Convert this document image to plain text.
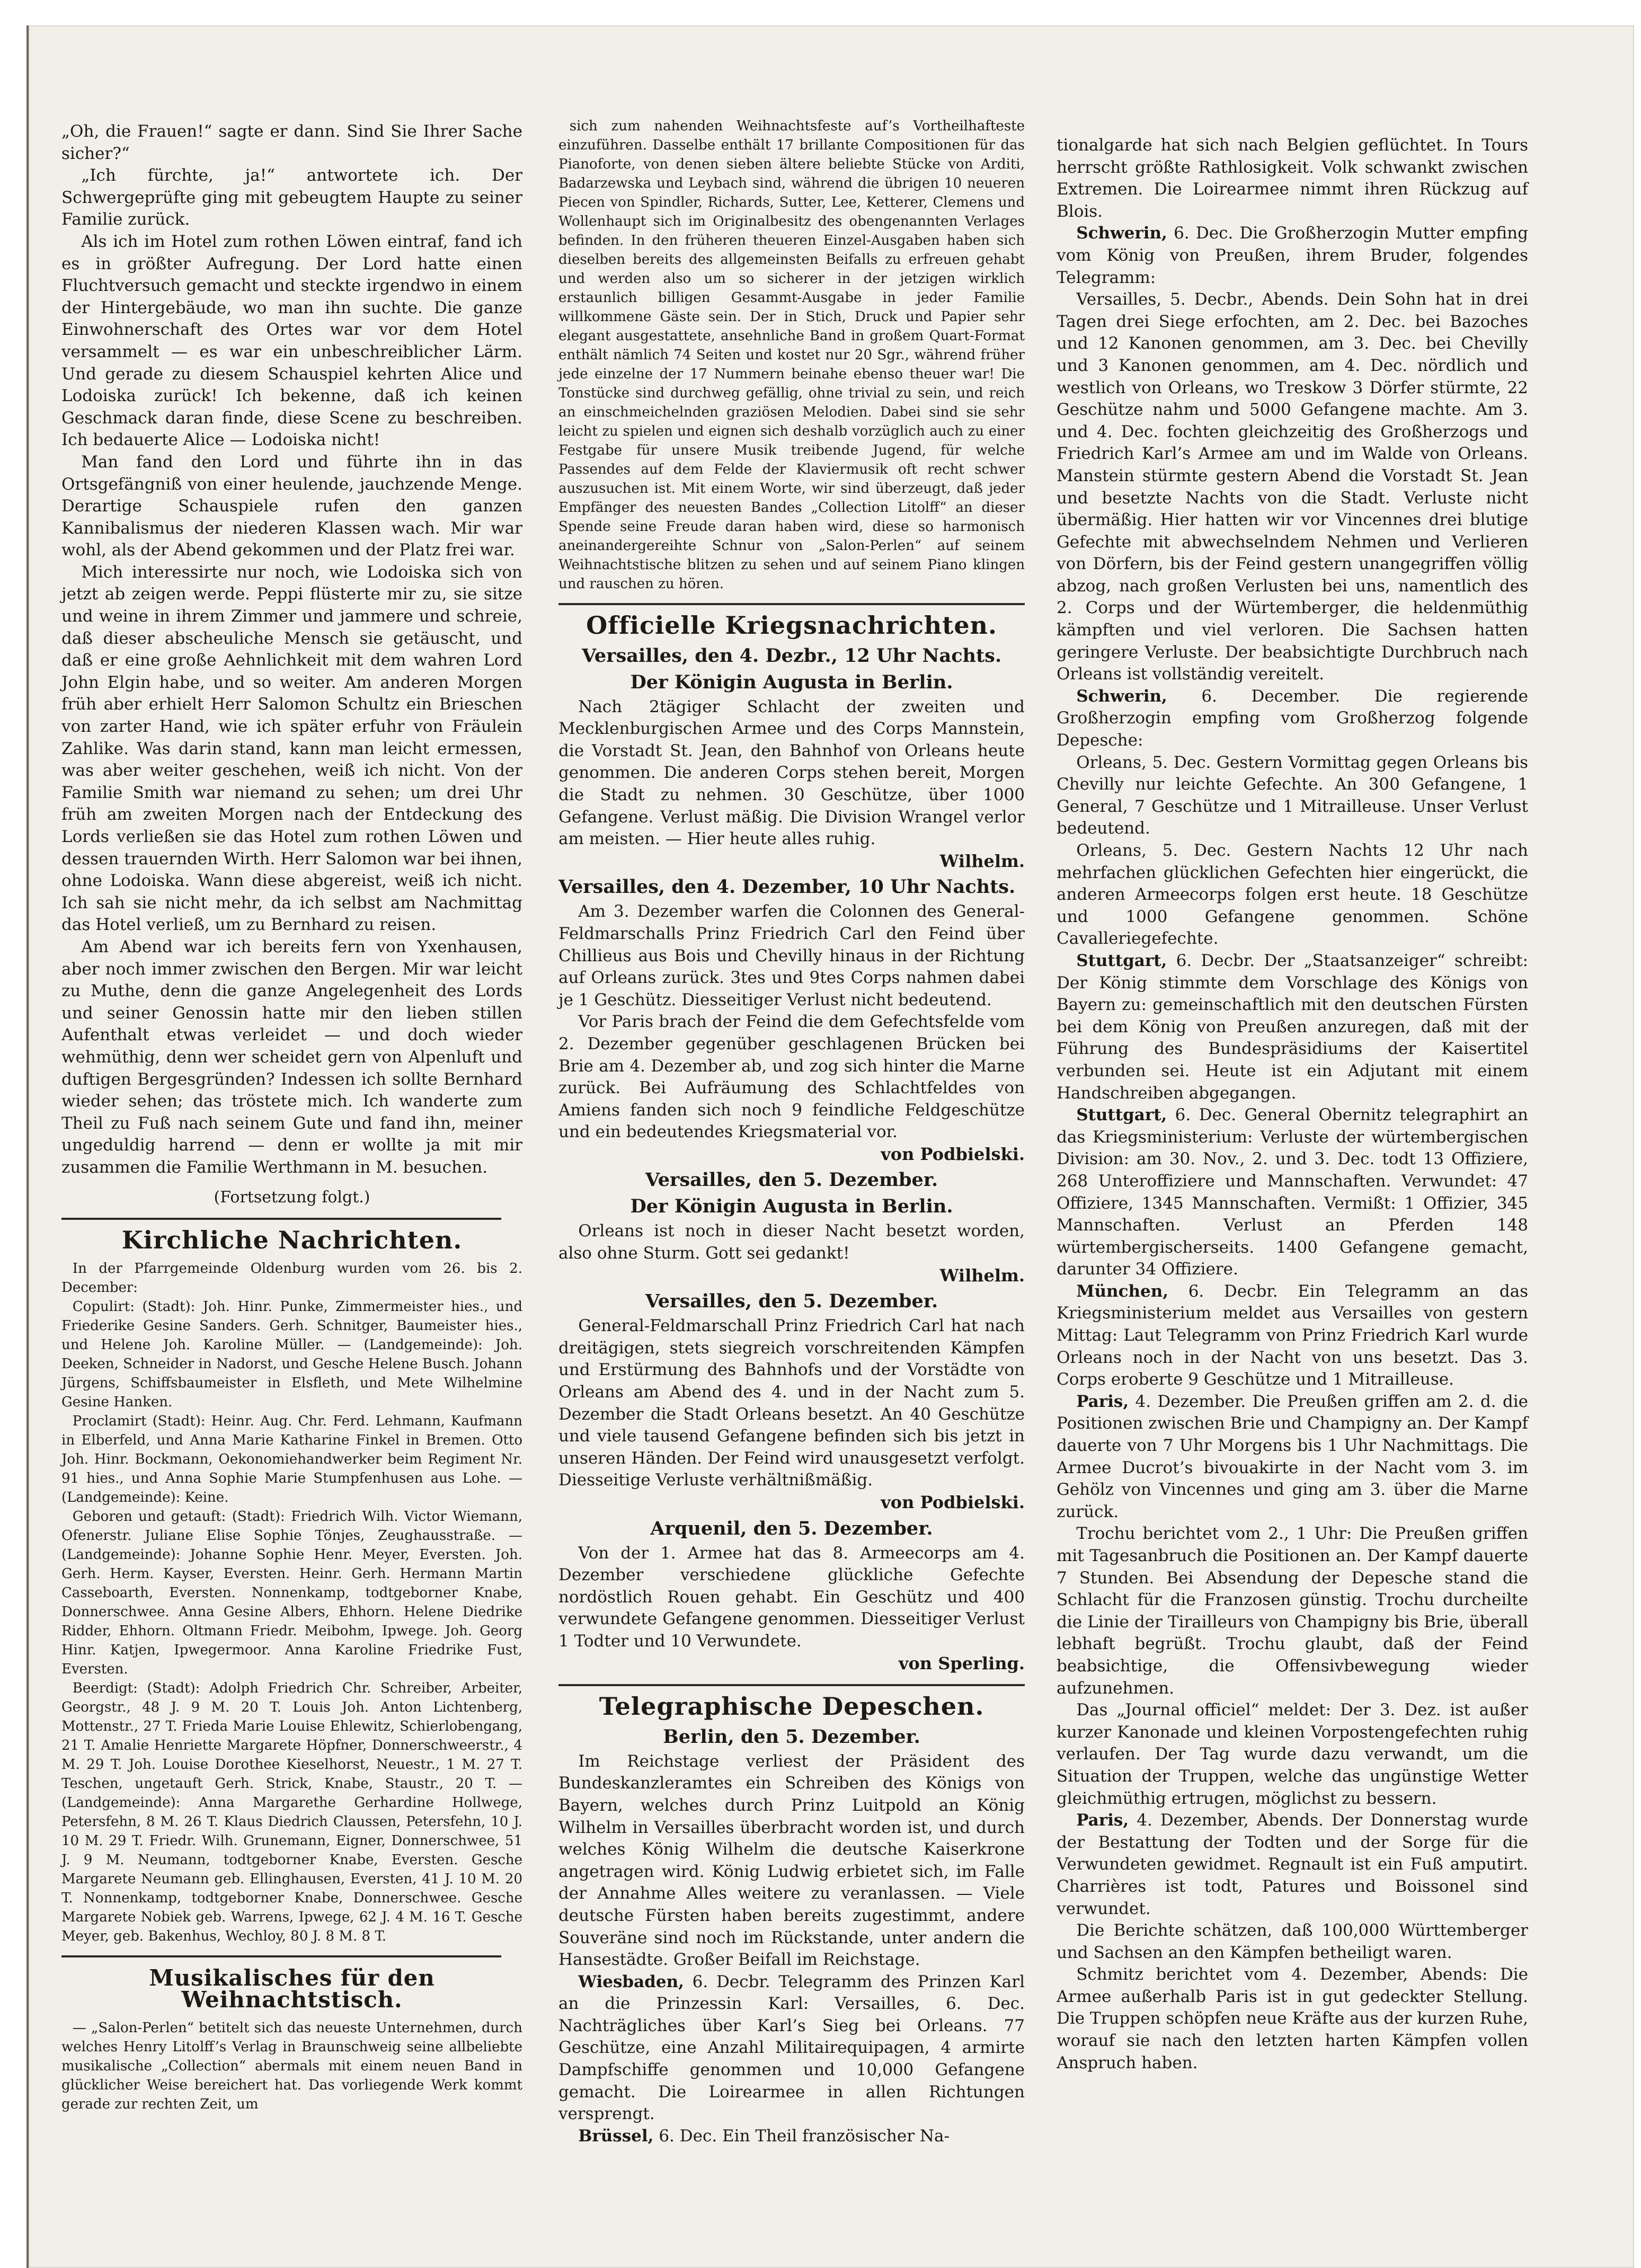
„Oh, die Frauen!“ sagte er dann. Sind Sie Ihrer Sache sicher?“

„Ich fürchte, ja!“ antwortete ich. Der Schwergeprüfte ging mit gebeugtem Haupte zu seiner Familie zurück.

Als ich im Hotel zum rothen Löwen eintraf, fand ich es in größter Aufregung. Der Lord hatte einen Fluchtversuch gemacht und steckte irgendwo in einem der Hintergebäude, wo man ihn suchte. Die ganze Einwohnerschaft des Ortes war vor dem Hotel versammelt — es war ein unbeschreiblicher Lärm. Und gerade zu diesem Schauspiel kehrten Alice und Lodoiska zurück! Ich bekenne, daß ich keinen Geschmack daran finde, diese Scene zu beschreiben. Ich bedauerte Alice — Lodoiska nicht!

Man fand den Lord und führte ihn in das Ortsgefängniß von einer heulende, jauchzende Menge. Derartige Schauspiele rufen den ganzen Kannibalismus der niederen Klassen wach. Mir war wohl, als der Abend gekommen und der Platz frei war.

Mich interessirte nur noch, wie Lodoiska sich von jetzt ab zeigen werde. Peppi flüsterte mir zu, sie sitze und weine in ihrem Zimmer und jammere und schreie, daß dieser abscheuliche Mensch sie getäuscht, und daß er eine große Aehnlichkeit mit dem wahren Lord John Elgin habe, und so weiter. Am anderen Morgen früh aber erhielt Herr Salomon Schultz ein Brieschen von zarter Hand, wie ich später erfuhr von Fräulein Zahlike. Was darin stand, kann man leicht ermessen, was aber weiter geschehen, weiß ich nicht. Von der Familie Smith war niemand zu sehen; um drei Uhr früh am zweiten Morgen nach der Entdeckung des Lords verließen sie das Hotel zum rothen Löwen und dessen trauernden Wirth. Herr Salomon war bei ihnen, ohne Lodoiska. Wann diese abgereist, weiß ich nicht. Ich sah sie nicht mehr, da ich selbst am Nachmittag das Hotel verließ, um zu Bernhard zu reisen.

Am Abend war ich bereits fern von Yxenhausen, aber noch immer zwischen den Bergen. Mir war leicht zu Muthe, denn die ganze Angelegenheit des Lords und seiner Genossin hatte mir den lieben stillen Aufenthalt etwas verleidet — und doch wieder wehmüthig, denn wer scheidet gern von Alpenluft und duftigen Bergesgründen? Indessen ich sollte Bernhard wieder sehen; das tröstete mich. Ich wanderte zum Theil zu Fuß nach seinem Gute und fand ihn, meiner ungeduldig harrend — denn er wollte ja mit mir zusammen die Familie Werthmann in M. besuchen.

(Fortsetzung folgt.)
Kirchliche Nachrichten.

In der Pfarrgemeinde Oldenburg wurden vom 26. bis 2. December:

Copulirt: (Stadt): Joh. Hinr. Punke, Zimmermeister hies., und Friederike Gesine Sanders. Gerh. Schnitger, Baumeister hies., und Helene Joh. Karoline Müller. — (Landgemeinde): Joh. Deeken, Schneider in Nadorst, und Gesche Helene Busch. Johann Jürgens, Schiffsbaumeister in Elsfleth, und Mete Wilhelmine Gesine Hanken.

Proclamirt (Stadt): Heinr. Aug. Chr. Ferd. Lehmann, Kaufmann in Elberfeld, und Anna Marie Katharine Finkel in Bremen. Otto Joh. Hinr. Bockmann, Oekonomiehandwerker beim Regiment Nr. 91 hies., und Anna Sophie Marie Stumpfenhusen aus Lohe. — (Landgemeinde): Keine.

Geboren und getauft: (Stadt): Friedrich Wilh. Victor Wiemann, Ofenerstr. Juliane Elise Sophie Tönjes, Zeughausstraße. — (Landgemeinde): Johanne Sophie Henr. Meyer, Eversten. Joh. Gerh. Herm. Kayser, Eversten. Heinr. Gerh. Hermann Martin Casseboarth, Eversten. Nonnenkamp, todtgeborner Knabe, Donnerschwee. Anna Gesine Albers, Ehhorn. Helene Diedrike Ridder, Ehhorn. Oltmann Friedr. Meibohm, Ipwege. Joh. Georg Hinr. Katjen, Ipwegermoor. Anna Karoline Friedrike Fust, Eversten.

Beerdigt: (Stadt): Adolph Friedrich Chr. Schreiber, Arbeiter, Georgstr., 48 J. 9 M. 20 T. Louis Joh. Anton Lichtenberg, Mottenstr., 27 T. Frieda Marie Louise Ehlewitz, Schierlobengang, 21 T. Amalie Henriette Margarete Höpfner, Donnerschweerstr., 4 M. 29 T. Joh. Louise Dorothee Kieselhorst, Neuestr., 1 M. 27 T. Teschen, ungetauft Gerh. Strick, Knabe, Staustr., 20 T. — (Landgemeinde): Anna Margarethe Gerhardine Hollwege, Petersfehn, 8 M. 26 T. Klaus Diedrich Claussen, Petersfehn, 10 J. 10 M. 29 T. Friedr. Wilh. Grunemann, Eigner, Donnerschwee, 51 J. 9 M. Neumann, todtgeborner Knabe, Eversten. Gesche Margarete Neumann geb. Ellinghausen, Eversten, 41 J. 10 M. 20 T. Nonnenkamp, todtgeborner Knabe, Donnerschwee. Gesche Margarete Nobiek geb. Warrens, Ipwege, 62 J. 4 M. 16 T. Gesche Meyer, geb. Bakenhus, Wechloy, 80 J. 8 M. 8 T.

Musikalisches für den Weihnachtstisch.

— „Salon-Perlen“ betitelt sich das neueste Unternehmen, durch welches Henry Litolff’s Verlag in Braunschweig seine allbeliebte musikalische „Collection“ abermals mit einem neuen Band in glücklicher Weise bereichert hat. Das vorliegende Werk kommt gerade zur rechten Zeit, um

sich zum nahenden Weihnachtsfeste auf’s Vortheilhafteste einzuführen. Dasselbe enthält 17 brillante Compositionen für das Pianoforte, von denen sieben ältere beliebte Stücke von Arditi, Badarzewska und Leybach sind, während die übrigen 10 neueren Piecen von Spindler, Richards, Sutter, Lee, Ketterer, Clemens und Wollenhaupt sich im Originalbesitz des obengenannten Verlages befinden. In den früheren theueren Einzel-Ausgaben haben sich dieselben bereits des allgemeinsten Beifalls zu erfreuen gehabt und werden also um so sicherer in der jetzigen wirklich erstaunlich billigen Gesammt-Ausgabe in jeder Familie willkommene Gäste sein. Der in Stich, Druck und Papier sehr elegant ausgestattete, ansehnliche Band in großem Quart-Format enthält nämlich 74 Seiten und kostet nur 20 Sgr., während früher jede einzelne der 17 Nummern beinahe ebenso theuer war! Die Tonstücke sind durchweg gefällig, ohne trivial zu sein, und reich an einschmeichelnden graziösen Melodien. Dabei sind sie sehr leicht zu spielen und eignen sich deshalb vorzüglich auch zu einer Festgabe für unsere Musik treibende Jugend, für welche Passendes auf dem Felde der Klaviermusik oft recht schwer auszusuchen ist. Mit einem Worte, wir sind überzeugt, daß jeder Empfänger des neuesten Bandes „Collection Litolff“ an dieser Spende seine Freude daran haben wird, diese so harmonisch aneinandergereihte Schnur von „Salon-Perlen“ auf seinem Weihnachtstische blitzen zu sehen und auf seinem Piano klingen und rauschen zu hören.

Officielle Kriegsnachrichten.
Versailles, den 4. Dezbr., 12 Uhr Nachts.
Der Königin Augusta in Berlin.

Nach 2tägiger Schlacht der zweiten und Mecklenburgischen Armee und des Corps Mannstein, die Vorstadt St. Jean, den Bahnhof von Orleans heute genommen. Die anderen Corps stehen bereit, Morgen die Stadt zu nehmen. 30 Geschütze, über 1000 Gefangene. Verlust mäßig. Die Division Wrangel verlor am meisten. — Hier heute alles ruhig.

Wilhelm.
Versailles, den 4. Dezember, 10 Uhr Nachts.

Am 3. Dezember warfen die Colonnen des General-Feldmarschalls Prinz Friedrich Carl den Feind über Chillieus aus Bois und Chevilly hinaus in der Richtung auf Orleans zurück. 3tes und 9tes Corps nahmen dabei je 1 Geschütz. Diesseitiger Verlust nicht bedeutend.

Vor Paris brach der Feind die dem Gefechtsfelde vom 2. Dezember gegenüber geschlagenen Brücken bei Brie am 4. Dezember ab, und zog sich hinter die Marne zurück. Bei Aufräumung des Schlachtfeldes von Amiens fanden sich noch 9 feindliche Feldgeschütze und ein bedeutendes Kriegsmaterial vor.

von Podbielski.
Versailles, den 5. Dezember.
Der Königin Augusta in Berlin.

Orleans ist noch in dieser Nacht besetzt worden, also ohne Sturm. Gott sei gedankt!

Wilhelm.
Versailles, den 5. Dezember.

General-Feldmarschall Prinz Friedrich Carl hat nach dreitägigen, stets siegreich vorschreitenden Kämpfen und Erstürmung des Bahnhofs und der Vorstädte von Orleans am Abend des 4. und in der Nacht zum 5. Dezember die Stadt Orleans besetzt. An 40 Geschütze und viele tausend Gefangene befinden sich bis jetzt in unseren Händen. Der Feind wird unausgesetzt verfolgt. Diesseitige Verluste verhältnißmäßig.

von Podbielski.
Arquenil, den 5. Dezember.

Von der 1. Armee hat das 8. Armeecorps am 4. Dezember verschiedene glückliche Gefechte nordöstlich Rouen gehabt. Ein Geschütz und 400 verwundete Gefangene genommen. Diesseitiger Verlust 1 Todter und 10 Verwundete.

von Sperling.
Telegraphische Depeschen.
Berlin, den 5. Dezember.

Im Reichstage verliest der Präsident des Bundeskanzleramtes ein Schreiben des Königs von Bayern, welches durch Prinz Luitpold an König Wilhelm in Versailles überbracht worden ist, und durch welches König Wilhelm die deutsche Kaiserkrone angetragen wird. König Ludwig erbietet sich, im Falle der Annahme Alles weitere zu veranlassen. — Viele deutsche Fürsten haben bereits zugestimmt, andere Souveräne sind noch im Rückstande, unter andern die Hansestädte. Großer Beifall im Reichstage.

Wiesbaden, 6. Decbr. Telegramm des Prinzen Karl an die Prinzessin Karl: Versailles, 6. Dec. Nachträgliches über Karl’s Sieg bei Orleans. 77 Geschütze, eine Anzahl Militairequipagen, 4 armirte Dampfschiffe genommen und 10,000 Gefangene gemacht. Die Loirearmee in allen Richtungen versprengt.

Brüssel, 6. Dec. Ein Theil französischer Na-

tionalgarde hat sich nach Belgien geflüchtet. In Tours herrscht größte Rathlosigkeit. Volk schwankt zwischen Extremen. Die Loirearmee nimmt ihren Rückzug auf Blois.

Schwerin, 6. Dec. Die Großherzogin Mutter empfing vom König von Preußen, ihrem Bruder, folgendes Telegramm:

Versailles, 5. Decbr., Abends. Dein Sohn hat in drei Tagen drei Siege erfochten, am 2. Dec. bei Bazoches und 12 Kanonen genommen, am 3. Dec. bei Chevilly und 3 Kanonen genommen, am 4. Dec. nördlich und westlich von Orleans, wo Treskow 3 Dörfer stürmte, 22 Geschütze nahm und 5000 Gefangene machte. Am 3. und 4. Dec. fochten gleichzeitig des Großherzogs und Friedrich Karl’s Armee am und im Walde von Orleans. Manstein stürmte gestern Abend die Vorstadt St. Jean und besetzte Nachts von die Stadt. Verluste nicht übermäßig. Hier hatten wir vor Vincennes drei blutige Gefechte mit abwechselndem Nehmen und Verlieren von Dörfern, bis der Feind gestern unangegriffen völlig abzog, nach großen Verlusten bei uns, namentlich des 2. Corps und der Würtemberger, die heldenmüthig kämpften und viel verloren. Die Sachsen hatten geringere Verluste. Der beabsichtigte Durchbruch nach Orleans ist vollständig vereitelt.

Schwerin, 6. December. Die regierende Großherzogin empfing vom Großherzog folgende Depesche:

Orleans, 5. Dec. Gestern Vormittag gegen Orleans bis Chevilly nur leichte Gefechte. An 300 Gefangene, 1 General, 7 Geschütze und 1 Mitrailleuse. Unser Verlust bedeutend.

Orleans, 5. Dec. Gestern Nachts 12 Uhr nach mehrfachen glücklichen Gefechten hier eingerückt, die anderen Armeecorps folgen erst heute. 18 Geschütze und 1000 Gefangene genommen. Schöne Cavalleriegefechte.

Stuttgart, 6. Decbr. Der „Staatsanzeiger“ schreibt: Der König stimmte dem Vorschlage des Königs von Bayern zu: gemeinschaftlich mit den deutschen Fürsten bei dem König von Preußen anzuregen, daß mit der Führung des Bundespräsidiums der Kaisertitel verbunden sei. Heute ist ein Adjutant mit einem Handschreiben abgegangen.

Stuttgart, 6. Dec. General Obernitz telegraphirt an das Kriegsministerium: Verluste der würtembergischen Division: am 30. Nov., 2. und 3. Dec. todt 13 Offiziere, 268 Unteroffiziere und Mannschaften. Verwundet: 47 Offiziere, 1345 Mannschaften. Vermißt: 1 Offizier, 345 Mannschaften. Verlust an Pferden 148 würtembergischerseits. 1400 Gefangene gemacht, darunter 34 Offiziere.

München, 6. Decbr. Ein Telegramm an das Kriegsministerium meldet aus Versailles von gestern Mittag: Laut Telegramm von Prinz Friedrich Karl wurde Orleans noch in der Nacht von uns besetzt. Das 3. Corps eroberte 9 Geschütze und 1 Mitrailleuse.

Paris, 4. Dezember. Die Preußen griffen am 2. d. die Positionen zwischen Brie und Champigny an. Der Kampf dauerte von 7 Uhr Morgens bis 1 Uhr Nachmittags. Die Armee Ducrot’s bivouakirte in der Nacht vom 3. im Gehölz von Vincennes und ging am 3. über die Marne zurück.

Trochu berichtet vom 2., 1 Uhr: Die Preußen griffen mit Tagesanbruch die Positionen an. Der Kampf dauerte 7 Stunden. Bei Absendung der Depesche stand die Schlacht für die Franzosen günstig. Trochu durcheilte die Linie der Tirailleurs von Champigny bis Brie, überall lebhaft begrüßt. Trochu glaubt, daß der Feind beabsichtige, die Offensivbewegung wieder aufzunehmen.

Das „Journal officiel“ meldet: Der 3. Dez. ist außer kurzer Kanonade und kleinen Vorpostengefechten ruhig verlaufen. Der Tag wurde dazu verwandt, um die Situation der Truppen, welche das ungünstige Wetter gleichmüthig ertrugen, möglichst zu bessern.

Paris, 4. Dezember, Abends. Der Donnerstag wurde der Bestattung der Todten und der Sorge für die Verwundeten gewidmet. Regnault ist ein Fuß amputirt. Charrières ist todt, Patures und Boissonel sind verwundet.

Die Berichte schätzen, daß 100,000 Württemberger und Sachsen an den Kämpfen betheiligt waren.

Schmitz berichtet vom 4. Dezember, Abends: Die Armee außerhalb Paris ist in gut gedeckter Stellung. Die Truppen schöpfen neue Kräfte aus der kurzen Ruhe, worauf sie nach den letzten harten Kämpfen vollen Anspruch haben.
